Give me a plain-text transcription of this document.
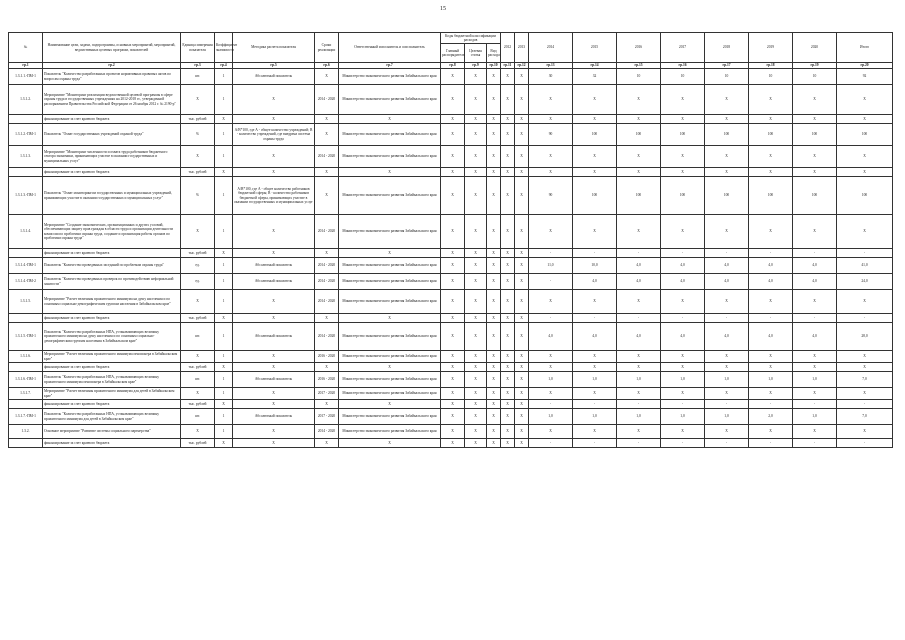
15
№	Наименование цели, задачи, подпрограммы, основных мероприятий, мероприятий, ведомственных целевых программ, показателей	Единица измерения показателя	Коэффициент значимости	Методика расчета показателя	Сроки реализации	Ответственный исполнитель и соисполнитель	Коды бюджетной классификации расходов			2012	2013	2014	2015	2016	2017	2018	2019	2020	Итого
							Главный распорядитель	Целевая статья	Вид расхода										
гр.1	гр.2	гр.3	гр.4	гр.5	гр.6	гр.7	гр.8	гр.9	гр.10	гр.11	гр.12	гр.13	гр.14	гр.15	гр.16	гр.17	гр.18	гр.19	гр.20
1.3.1.1.-ПМ-1	Показатель "Количество разработанных проектов нормативных правовых актов по вопросам охраны труда"	шт.	1	Абсолютный показатель	X	Министерство экономического развития Забайкальского края	X	X	X	X	X	30	32	10	10	10	10	10	92
1.3.1.2.	Мероприятие "Мониторинг реализации ведомственной целевой программы в сфере охраны труда в государственных учреждениях на 2012-2018 гг., утвержденной распоряжением Правительства Российской Федерации от 26 ноября 2012 г. № 2190-р"	X	1	X	2014 - 2020	Министерство экономического развития Забайкальского края	X	X	X	X	X	X	X	X	X	X	X	X	X
	финансирование за счет краевого бюджета	тыс. рублей	X	X	X	X	X	X	X	X	X	X	X	X	X	X	X	X	X
1.3.1.2.-ПМ-1	Показатель "Охват государственных учреждений охраной труда"	%	1	А/В*100, где А - общее количество учреждений; В - количество учреждений, где внедрена система охраны труда	X	Министерство экономического развития Забайкальского края	X	X	X	X	X	90	100	100	100	100	100	100	100
1.3.1.3.	Мероприятие "Мониторинг численности и охвата труда работников бюджетного сектора экономики, принимающих участие в оказании государственных и муниципальных услуг"	X	1	X	2014 - 2020	Министерство экономического развития Забайкальского края	X	X	X	X	X	X	X	X	X	X	X	X	X
	финансирование за счет краевого бюджета	тыс. рублей	X	X	X	X	X	X	X	X	X	X	X	X	X	X	X	X	X
1.3.1.3.-ПМ-1	Показатель "Охват мониторингом государственных и муниципальных учреждений, принимающих участие в оказании государственных и муниципальных услуг"	%	1	А/В*100, где А - общее количество работников бюджетной сферы; В - количество работников бюджетной сферы, принимающих участие в оказании государственных и муниципальных услуг	X	Министерство экономического развития Забайкальского края	X	X	X	X	X	90	100	100	100	100	100	100	100
1.3.1.4.	Мероприятие "Создание экономических, организационных и других условий, обеспечивающих защиту прав граждан в области труда и организации деятельности комиссии по проблемам охраны труда, создание и организация работы органов по проблемам охраны труда"	X	1	X	2014 - 2020	Министерство экономического развития Забайкальского края	X	X	X	X	X	X	X	X	X	X	X	X	X
	финансирование за счет краевого бюджета	тыс. рублей	X	X	X	X	X	X	X	X	X	-	-	-	-	-	-	-	-
1.3.1.4.-ПМ-1	Показатель "Количество проведенных заседаний по проблемам охраны труда"	ед.	1	Абсолютный показатель	2014 - 2020	Министерство экономического развития Забайкальского края	X	X	X	X	X	11,0	10,0	4,0	4,0	4,0	4,0	4,0	41,0
1.3.1.4.-ПМ-2	Показатель "Количество проведенных проверок по противодействию неформальной занятости"	ед.	1	Абсолютный показатель	2014 - 2020	Министерство экономического развития Забайкальского края	X	X	X	X	X	-	4,0	4,0	4,0	4,0	4,0	4,0	24,0
1.3.1.5.	Мероприятие "Расчет величины прожиточного минимума на душу населения и по основным социально-демографическим группам населения в Забайкальском крае"	X	1	X	2014 - 2020	Министерство экономического развития Забайкальского края	X	X	X	X	X	X	X	X	X	X	X	X	X
	финансирование за счет краевого бюджета	тыс. рублей	X	X	X	X	X	X	X	X	X	-	-	-	-	-	-	-	-
1.3.1.5.-ПМ-1	Показатель "Количество разработанных НПА, устанавливающих величину прожиточного минимума на душу населения и по основным социально-демографическим группам населения в Забайкальском крае"	шт.	1	Абсолютный показатель	2014 - 2020	Министерство экономического развития Забайкальского края	X	X	X	X	X	4,0	4,0	4,0	4,0	4,0	4,0	4,0	28,0
1.3.1.6.	Мероприятие "Расчет величины прожиточного минимума пенсионера в Забайкальском крае"	X	1	X	2016 - 2020	Министерство экономического развития Забайкальского края	X	X	X	X	X	X	X	X	X	X	X	X	X
	финансирование за счет краевого бюджета	тыс. рублей	X	X	X	X	X	X	X	X	X	X	X	X	X	X	X	X	X
1.3.1.6.-ПМ-1	Показатель "Количество разработанных НПА, устанавливающих величину прожиточного минимума пенсионера в Забайкальском крае"	шт.	1	Абсолютный показатель	2016 - 2020	Министерство экономического развития Забайкальского края	X	X	X	X	X	1,0	1,0	1,0	1,0	1,0	1,0	1,0	7,0
1.3.1.7.	Мероприятие "Расчет величины прожиточного минимума для детей в Забайкальском крае"	X	1	X	2017 - 2020	Министерство экономического развития Забайкальского края	X	X	X	X	X	X	X	X	X	X	X	X	X
	финансирование за счет краевого бюджета	тыс. рублей	X	X	X	X	X	X	X	X	X	-	-	-	-	-	-	-	-
1.3.1.7.-ПМ-1	Показатель "Количество разработанных НПА, устанавливающих величину прожиточного минимума для детей в Забайкальском крае"	шт.	1	Абсолютный показатель	2017 - 2020	Министерство экономического развития Забайкальского края	X	X	X	X	X	1,0	1,0	1,0	1,0	1,0	2,0	1,0	7,0
1.3.2.	Основное мероприятие "Развитие системы социального партнерства"	X	1	X	2014 - 2020	Министерство экономического развития Забайкальского края	X	X	X	X	X	X	X	X	X	X	X	X	X
	финансирование за счет краевого бюджета	тыс. рублей	X	X	X	X	X	X	X	X	X	-	-	-	-	-	-	-	-
